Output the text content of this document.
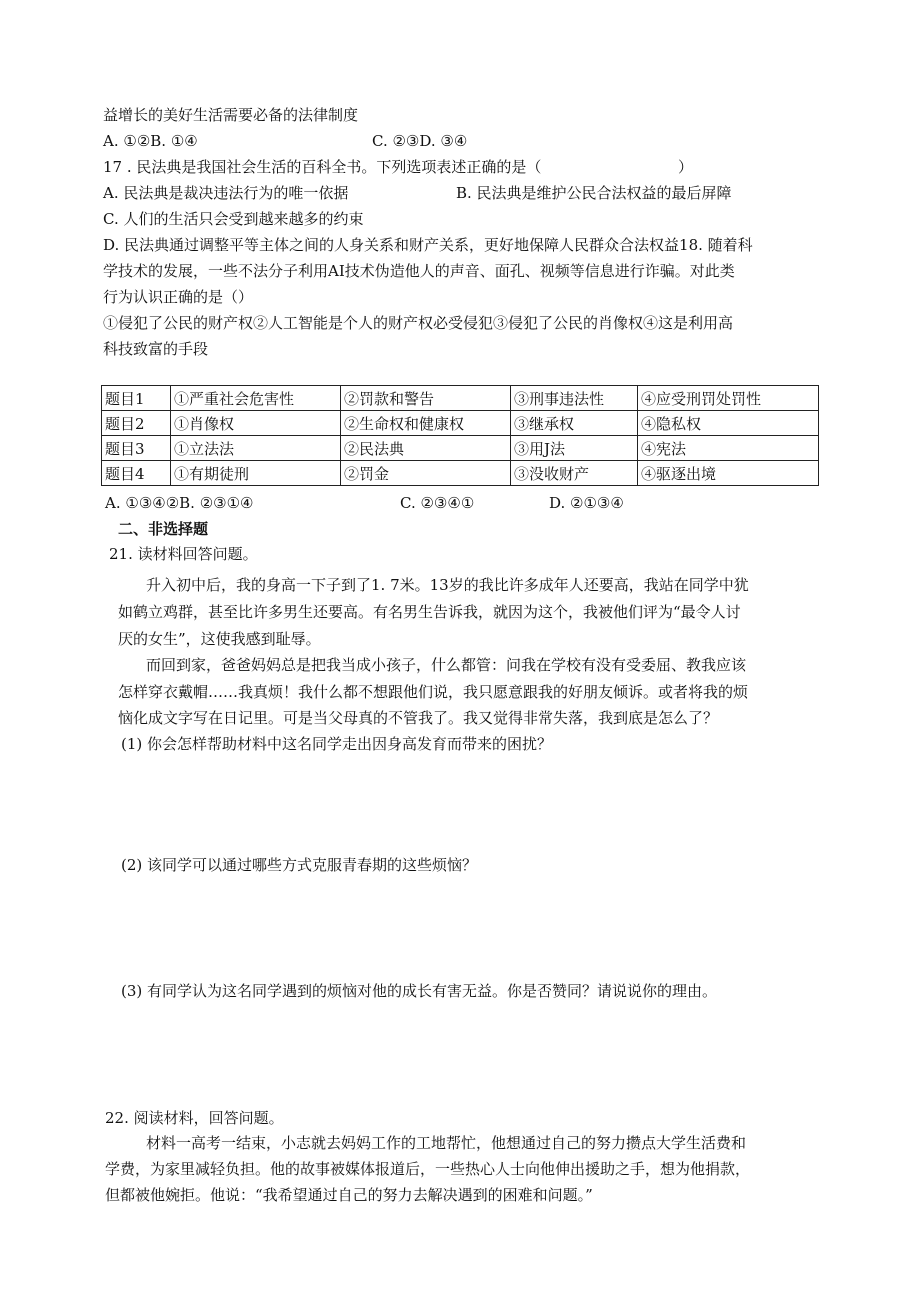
益增长的美好生活需要必备的法律制度
A. ①②B. ①④	C. ②③D. ③④
17 . 民法典是我国社会生活的百科全书。下列选项表述正确的是（	）
A. 民法典是裁决违法行为的唯一依据	B. 民法典是维护公民合法权益的最后屏障
C. 人们的生活只会受到越来越多的约束
D. 民法典通过调整平等主体之间的人身关系和财产关系，更好地保障人民群众合法权益18. 随着科
学技术的发展，一些不法分子利用AI技术伪造他人的声音、面孔、视频等信息进行诈骗。对此类
行为认识正确的是（）
①侵犯了公民的财产权②人工智能是个人的财产权必受侵犯③侵犯了公民的肖像权④这是利用高
科技致富的手段
题目1	①严重社会危害性	②罚款和警告	③刑事违法性	④应受刑罚处罚性
题目2	①肖像权	②生命权和健康权	③继承权	④隐私权
题目3	①立法法	②民法典	③用J法	④宪法
题目4	①有期徒刑	②罚金	③没收财产	④驱逐出境
A. ①③④②B. ②③①④	C. ②③④①	D. ②①③④
二、非选择题
21. 读材料回答问题。
升入初中后，我的身高一下子到了1. 7米。13岁的我比许多成年人还要高，我站在同学中犹
如鹤立鸡群，甚至比许多男生还要高。有名男生告诉我，就因为这个，我被他们评为“最令人讨
厌的女生”，这使我感到耻辱。
而回到家，爸爸妈妈总是把我当成小孩子，什么都管：问我在学校有没有受委屈、教我应该
怎样穿衣戴帽……我真烦！我什么都不想跟他们说，我只愿意跟我的好朋友倾诉。或者将我的烦
恼化成文字写在日记里。可是当父母真的不管我了。我又觉得非常失落，我到底是怎么了？
(1) 你会怎样帮助材料中这名同学走出因身高发育而带来的困扰？
(2) 该同学可以通过哪些方式克服青春期的这些烦恼？
(3) 有同学认为这名同学遇到的烦恼对他的成长有害无益。你是否赞同？请说说你的理由。
22. 阅读材料，回答问题。
材料一高考一结束，小志就去妈妈工作的工地帮忙，他想通过自己的努力攒点大学生活费和
学费，为家里减轻负担。他的故事被媒体报道后，一些热心人士向他伸出援助之手，想为他捐款，
但都被他婉拒。他说：“我希望通过自己的努力去解决遇到的困难和问题。”
